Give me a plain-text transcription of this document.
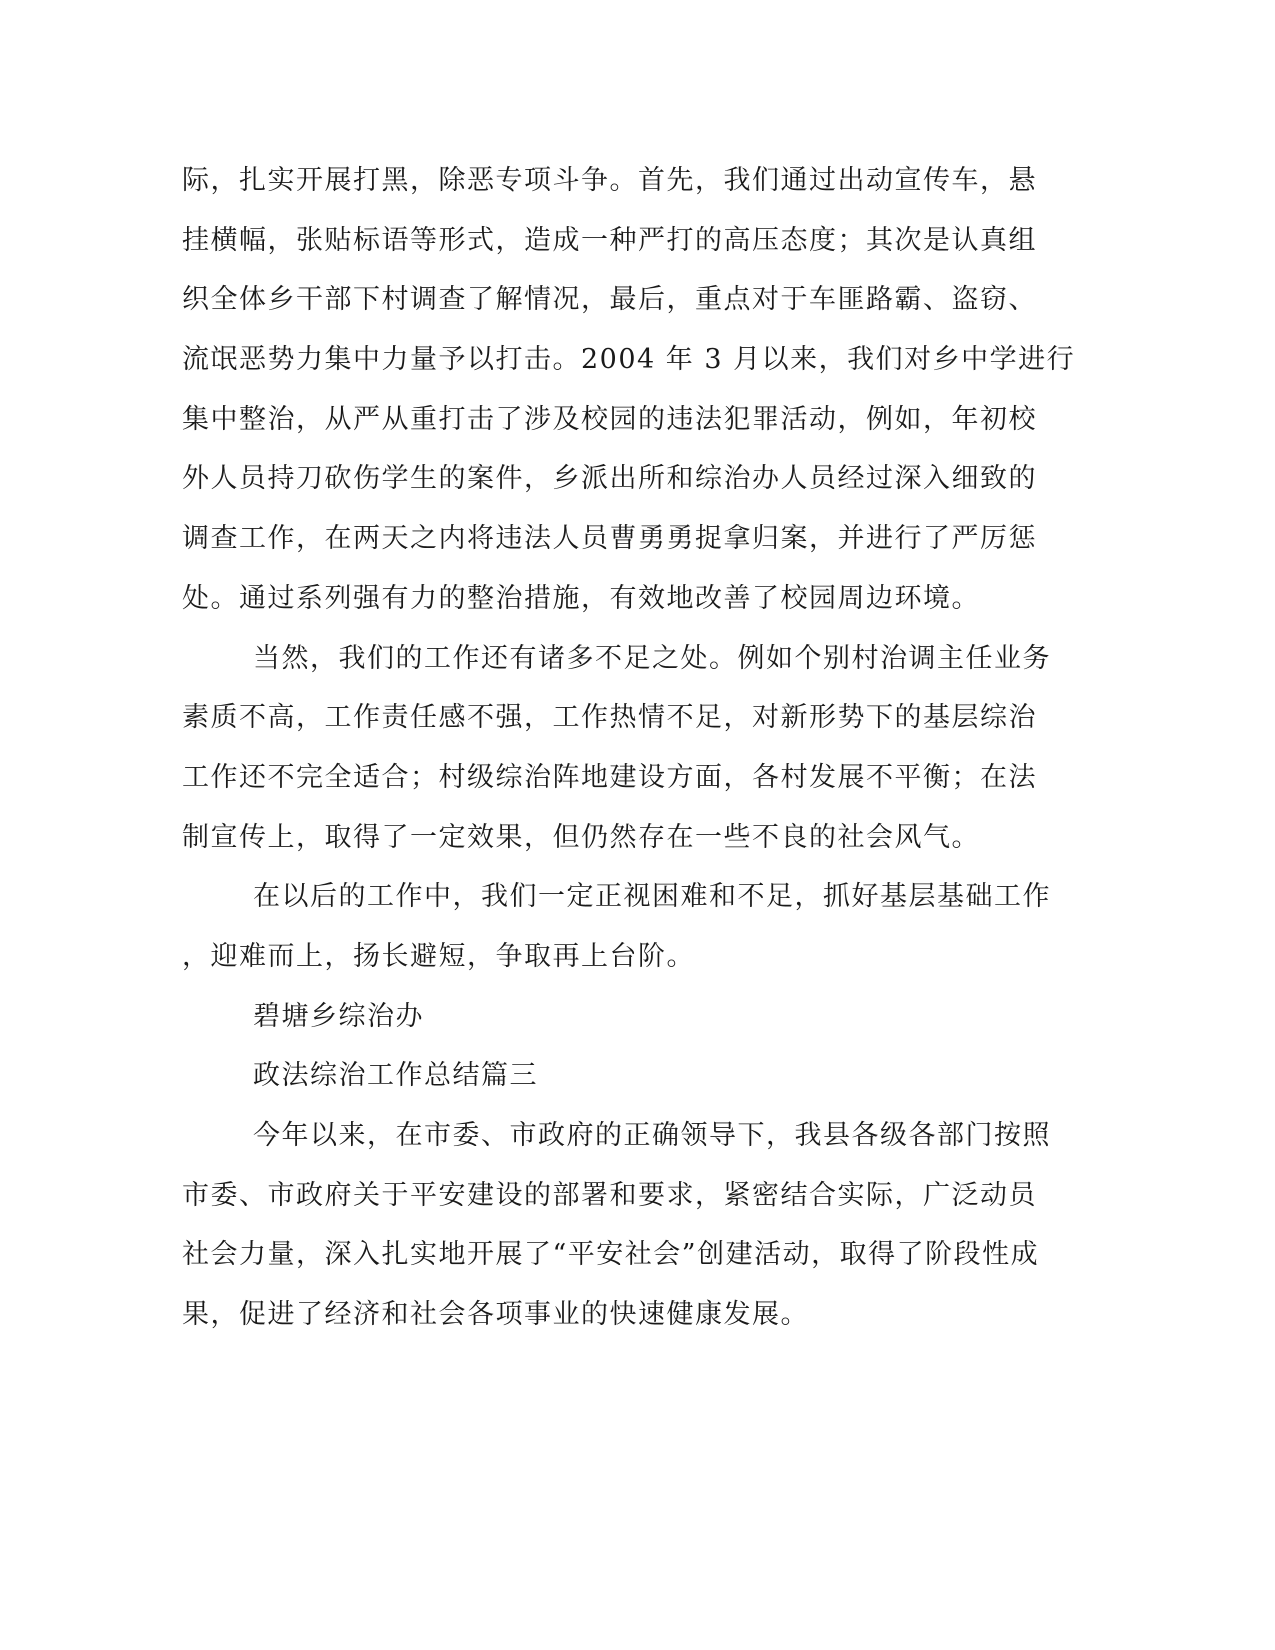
际，扎实开展打黑，除恶专项斗争。首先，我们通过出动宣传车，悬
挂横幅，张贴标语等形式，造成一种严打的高压态度；其次是认真组
织全体乡干部下村调查了解情况，最后，重点对于车匪路霸、盗窃、
流氓恶势力集中力量予以打击。2004 年 3 月以来，我们对乡中学进行
集中整治，从严从重打击了涉及校园的违法犯罪活动，例如，年初校
外人员持刀砍伤学生的案件，乡派出所和综治办人员经过深入细致的
调查工作，在两天之内将违法人员曹勇勇捉拿归案，并进行了严厉惩
处。通过系列强有力的整治措施，有效地改善了校园周边环境。
当然，我们的工作还有诸多不足之处。例如个别村治调主任业务
素质不高，工作责任感不强，工作热情不足，对新形势下的基层综治
工作还不完全适合；村级综治阵地建设方面，各村发展不平衡；在法
制宣传上，取得了一定效果，但仍然存在一些不良的社会风气。
在以后的工作中，我们一定正视困难和不足，抓好基层基础工作
，迎难而上，扬长避短，争取再上台阶。
碧塘乡综治办
政法综治工作总结篇三
今年以来，在市委、市政府的正确领导下，我县各级各部门按照
市委、市政府关于平安建设的部署和要求，紧密结合实际，广泛动员
社会力量，深入扎实地开展了“平安社会”创建活动，取得了阶段性成
果，促进了经济和社会各项事业的快速健康发展。
